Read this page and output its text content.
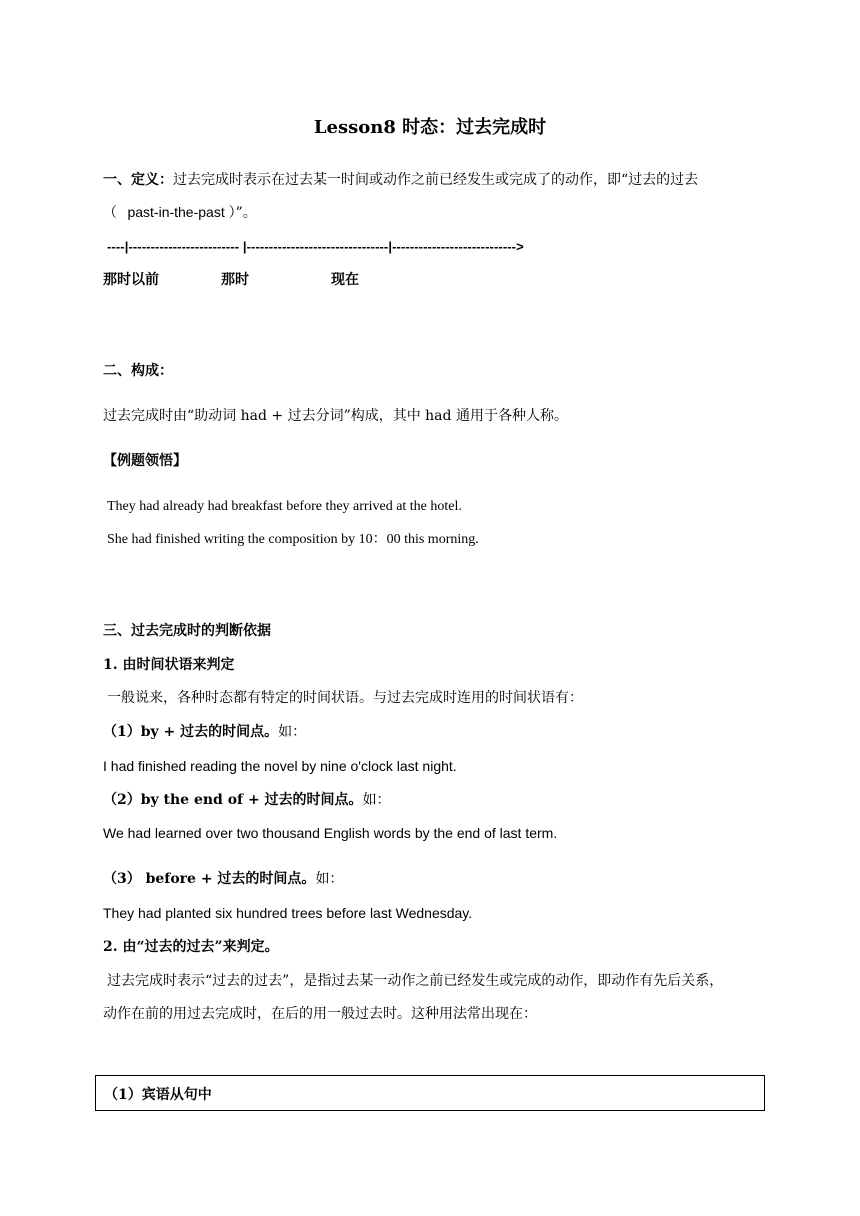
Lesson8 时态：过去完成时
一、定义：过去完成时表示在过去某一时间或动作之前已经发生或完成了的动作，即“过去的过去
（ past-in-the-past ）”。
----|------------------------- |--------------------------------|---------------------------->
那时以前	那时	现在
二、构成：
过去完成时由“助动词 had + 过去分词”构成，其中 had 通用于各种人称。
【例题领悟】
They had already had breakfast before they arrived at the hotel.
She had finished writing the composition by 10：00 this morning.
三、过去完成时的判断依据
1. 由时间状语来判定
一般说来，各种时态都有特定的时间状语。与过去完成时连用的时间状语有：
（1）by + 过去的时间点。如：
I had finished reading the novel by nine o'clock last night.
（2）by the end of + 过去的时间点。如：
We had learned over two thousand English words by the end of last term.
（3） before + 过去的时间点。如：
They had planted six hundred trees before last Wednesday.
2. 由“过去的过去”来判定。
过去完成时表示“过去的过去”，是指过去某一动作之前已经发生或完成的动作，即动作有先后关系，
动作在前的用过去完成时，在后的用一般过去时。这种用法常出现在：
（1）宾语从句中
